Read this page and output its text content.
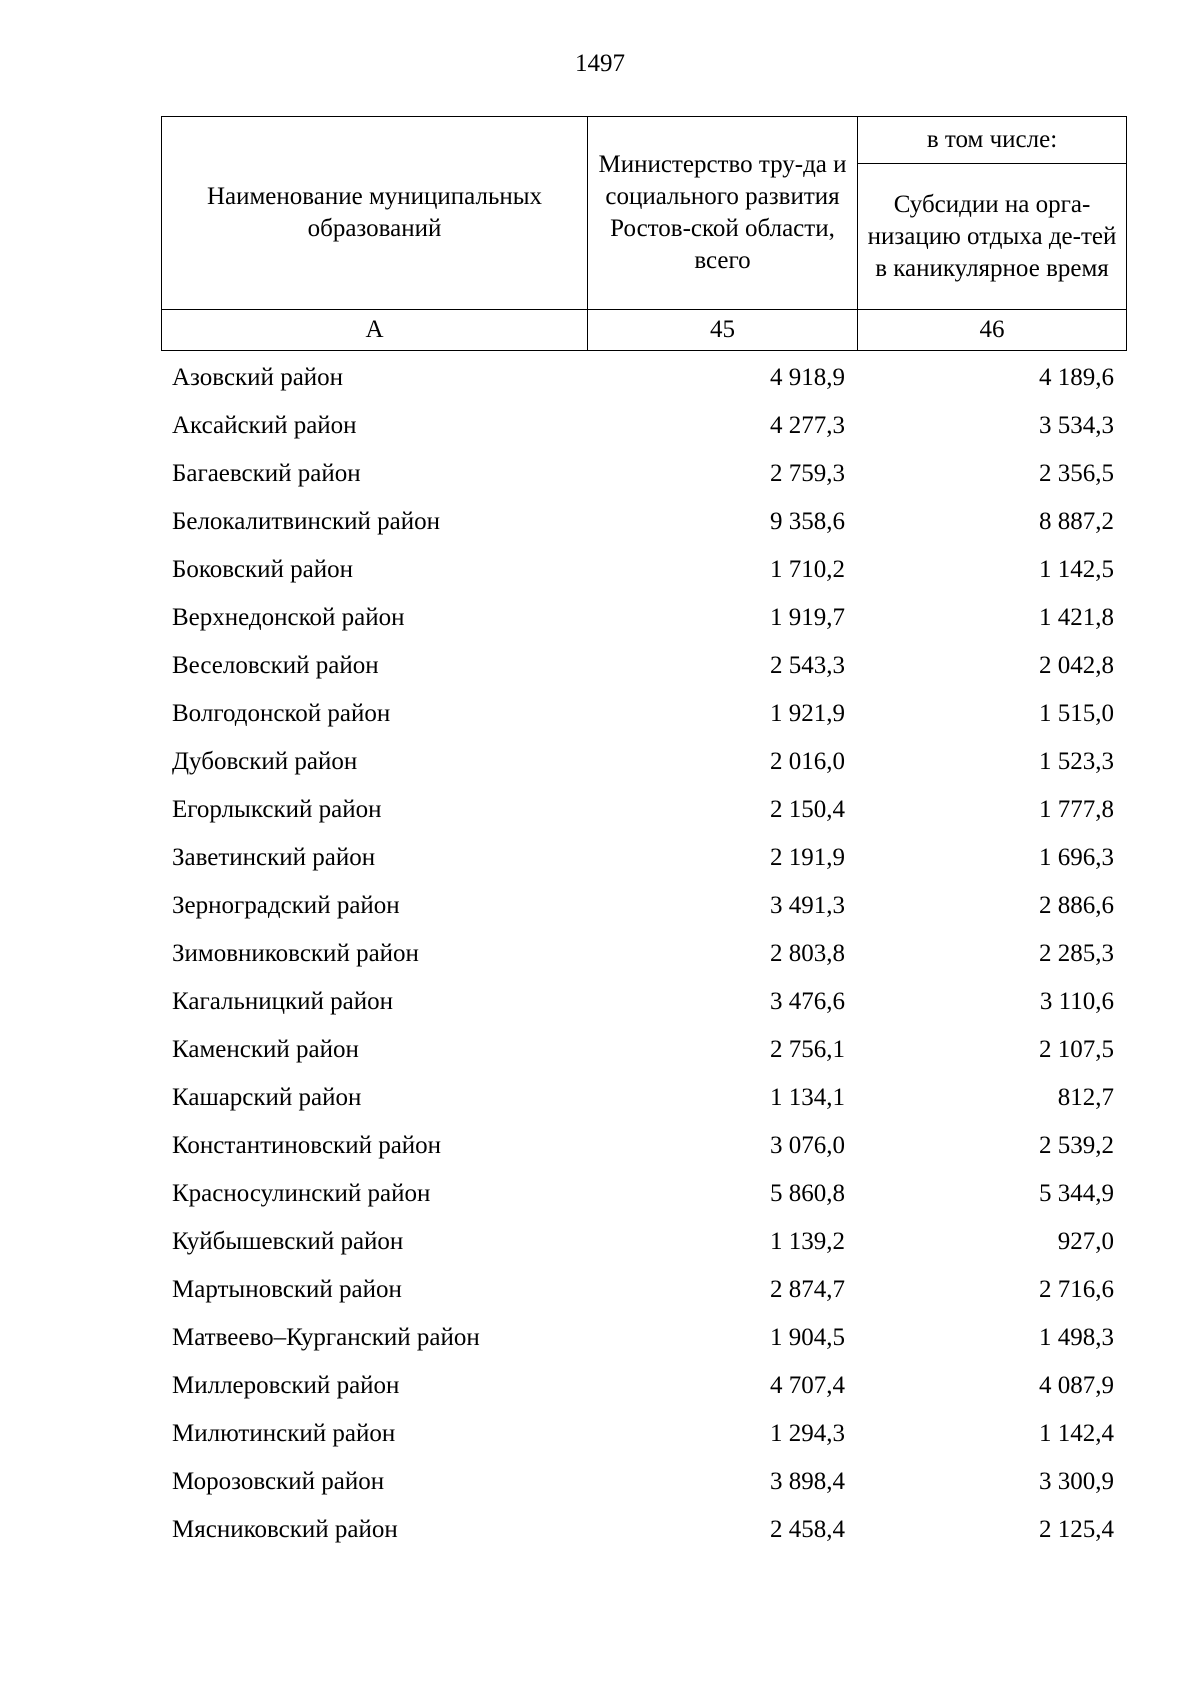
1497
Наименование муниципальных образований	Министерство тру-да и социального развития Ростов-ской области, всего	в том числе:
		Субсидии на орга-низацию отдыха де-тей в каникулярное время
А	45	46
Азовский район	4 918,9	4 189,6
Аксайский район	4 277,3	3 534,3
Багаевский район	2 759,3	2 356,5
Белокалитвинский район	9 358,6	8 887,2
Боковский район	1 710,2	1 142,5
Верхнедонской район	1 919,7	1 421,8
Веселовский район	2 543,3	2 042,8
Волгодонской район	1 921,9	1 515,0
Дубовский район	2 016,0	1 523,3
Егорлыкский район	2 150,4	1 777,8
Заветинский район	2 191,9	1 696,3
Зерноградский район	3 491,3	2 886,6
Зимовниковский район	2 803,8	2 285,3
Кагальницкий район	3 476,6	3 110,6
Каменский район	2 756,1	2 107,5
Кашарский район	1 134,1	812,7
Константиновский район	3 076,0	2 539,2
Красносулинский район	5 860,8	5 344,9
Куйбышевский район	1 139,2	927,0
Мартыновский район	2 874,7	2 716,6
Матвеево–Курганский район	1 904,5	1 498,3
Миллеровский район	4 707,4	4 087,9
Милютинский район	1 294,3	1 142,4
Морозовский район	3 898,4	3 300,9
Мясниковский район	2 458,4	2 125,4
